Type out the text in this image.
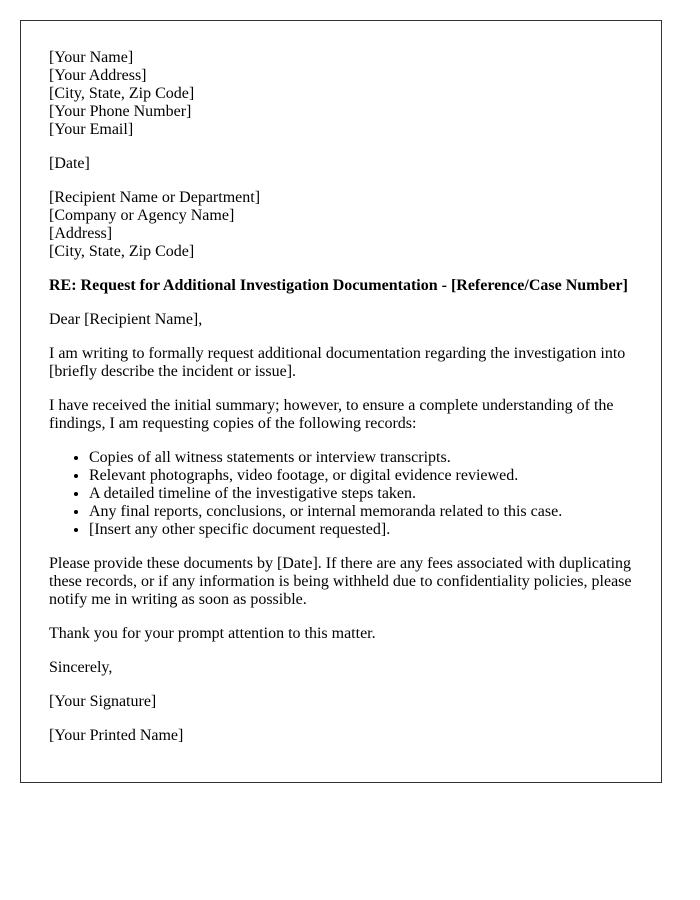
[Your Name]
[Your Address]
[City, State, Zip Code]
[Your Phone Number]
[Your Email]

[Date]

[Recipient Name or Department]
[Company or Agency Name]
[Address]
[City, State, Zip Code]

RE: Request for Additional Investigation Documentation - [Reference/Case Number]

Dear [Recipient Name],

I am writing to formally request additional documentation regarding the investigation into [briefly describe the incident or issue].

I have received the initial summary; however, to ensure a complete understanding of the findings, I am requesting copies of the following records:

• Copies of all witness statements or interview transcripts.
• Relevant photographs, video footage, or digital evidence reviewed.
• A detailed timeline of the investigative steps taken.
• Any final reports, conclusions, or internal memoranda related to this case.
• [Insert any other specific document requested].

Please provide these documents by [Date]. If there are any fees associated with duplicating these records, or if any information is being withheld due to confidentiality policies, please notify me in writing as soon as possible.

Thank you for your prompt attention to this matter.

Sincerely,

[Your Signature]

[Your Printed Name]
